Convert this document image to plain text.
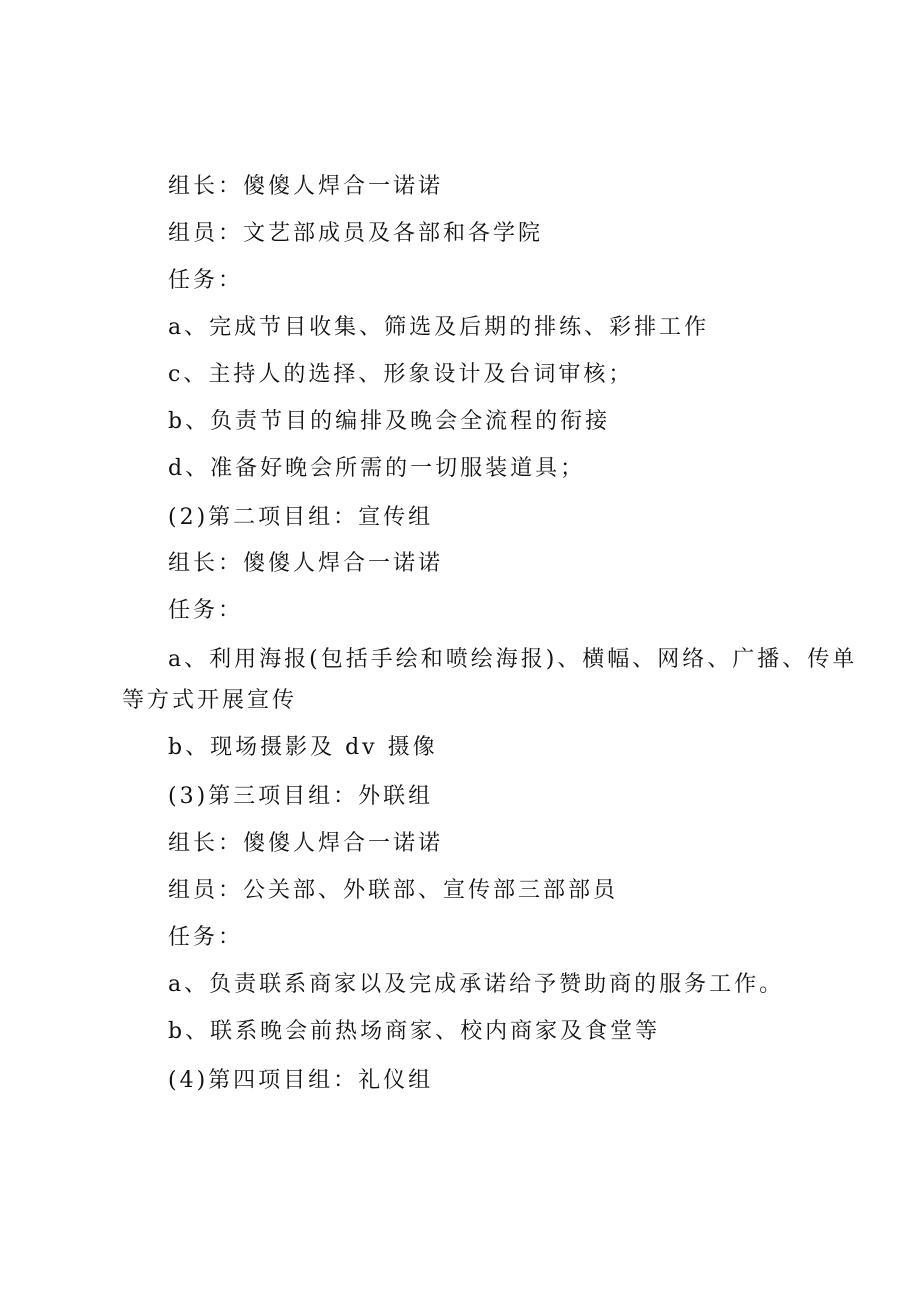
组长：傻傻人焊合一诺诺
组员：文艺部成员及各部和各学院
任务：
a、完成节目收集、筛选及后期的排练、彩排工作
c、主持人的选择、形象设计及台词审核；
b、负责节目的编排及晚会全流程的衔接
d、准备好晚会所需的一切服装道具；
(2)第二项目组：宣传组
组长：傻傻人焊合一诺诺
任务：
a、利用海报(包括手绘和喷绘海报)、横幅、网络、广播、传单
等方式开展宣传
b、现场摄影及 dv 摄像
(3)第三项目组：外联组
组长：傻傻人焊合一诺诺
组员：公关部、外联部、宣传部三部部员
任务：
a、负责联系商家以及完成承诺给予赞助商的服务工作。
b、联系晚会前热场商家、校内商家及食堂等
(4)第四项目组：礼仪组
